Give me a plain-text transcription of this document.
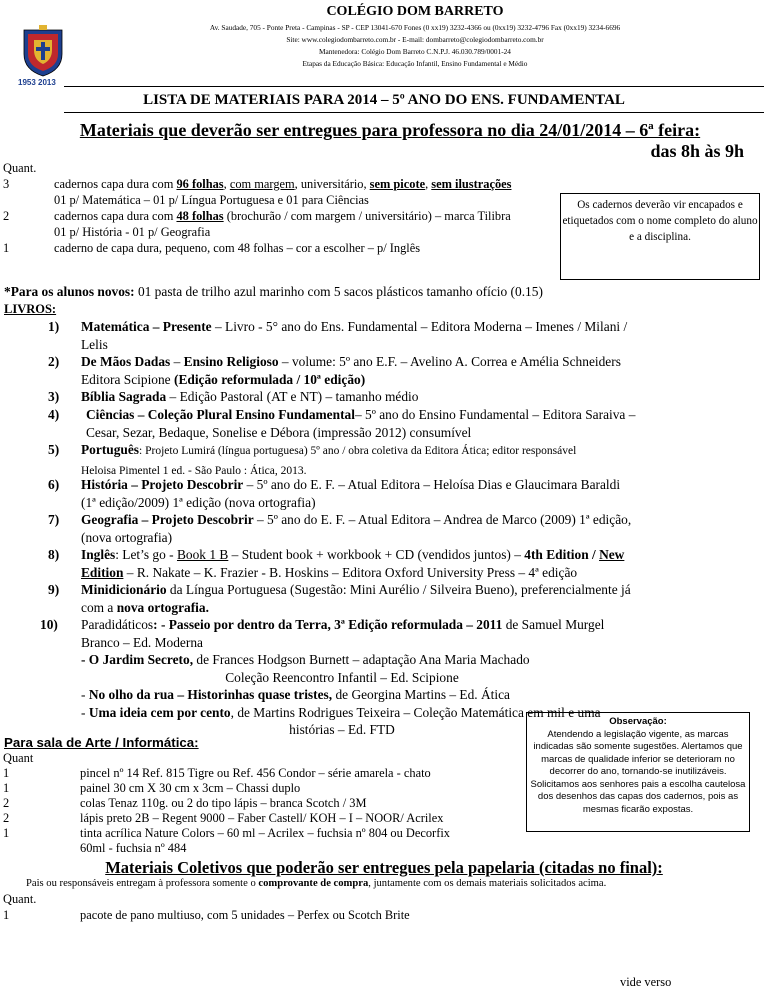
1953 2013
COLÉGIO DOM BARRETO
Av. Saudade, 705 - Ponte Preta - Campinas - SP - CEP 13041-670 Fones (0 xx19) 3232-4366 ou (0xx19) 3232-4796 Fax (0xx19) 3234-6696
Site: www.colegiodombarreto.com.br - E-mail: dombarreto@colegiodombarreto.com.br
Mantenedora: Colégio Dom Barreto C.N.P.J. 46.030.789/0001-24
Etapas da Educação Básica: Educação Infantil, Ensino Fundamental e Médio
LISTA DE MATERIAIS PARA 2014 – 5º ANO DO ENS. FUNDAMENTAL
Materiais que deverão ser entregues para professora no dia 24/01/2014 – 6ª feira:
das 8h às 9h
Quant.
3	cadernos capa dura com 96 folhas, com margem, universitário, sem picote, sem ilustrações
01 p/ Matemática – 01 p/ Língua Portuguesa e 01 para Ciências
2	cadernos capa dura com 48 folhas (brochurão / com margem / universitário) – marca Tilibra
01 p/ História - 01 p/ Geografia
1	caderno de capa dura, pequeno, com 48 folhas – cor a escolher – p/ Inglês
Os cadernos deverão vir encapados e etiquetados com o nome completo do aluno e a disciplina.
*Para os alunos novos: 01 pasta de trilho azul marinho com 5 sacos plásticos tamanho ofício (0.15)
LIVROS:
1) Matemática – Presente – Livro - 5° ano do Ens. Fundamental – Editora Moderna – Imenes / Milani /
Lelis
2) De Mãos Dadas – Ensino Religioso – volume: 5º ano E.F. – Avelino A. Correa e Amélia Schneiders
Editora Scipione (Edição reformulada / 10ª edição)
3) Bíblia Sagrada – Edição Pastoral (AT e NT) – tamanho médio
4) Ciências – Coleção Plural Ensino Fundamental– 5º ano do Ensino Fundamental – Editora Saraiva –
Cesar, Sezar, Bedaque, Sonelise e Débora (impressão 2012) consumível
5) Português: Projeto Lumirá (língua portuguesa) 5º ano / obra coletiva da Editora Ática; editor responsável
Heloisa Pimentel 1 ed. - São Paulo : Ática, 2013.
6) História – Projeto Descobrir – 5º ano do E. F. – Atual Editora – Heloísa Dias e Glaucimara Baraldi
(1ª edição/2009) 1ª edição (nova ortografia)
7) Geografia – Projeto Descobrir – 5º ano do E. F. – Atual Editora – Andrea de Marco (2009) 1ª edição,
(nova ortografia)
8) Inglês: Let’s go - Book 1 B – Student book + workbook + CD (vendidos juntos) – 4th Edition / New
Edition – R. Nakate – K. Frazier - B. Hoskins – Editora Oxford University Press – 4ª edição
9) Minidicionário da Língua Portuguesa (Sugestão: Mini Aurélio / Silveira Bueno), preferencialmente já
com a nova ortografia.
10) Paradidáticos: - Passeio por dentro da Terra, 3ª Edição reformulada – 2011 de Samuel Murgel
Branco – Ed. Moderna
- O Jardim Secreto, de Frances Hodgson Burnett – adaptação Ana Maria Machado

Coleção Reencontro Infantil – Ed. Scipione
- No olho da rua – Historinhas quase tristes, de Georgina Martins – Ed. Ática
- Uma ideia cem por cento, de Martins Rodrigues Teixeira – Coleção Matemática em mil e uma

histórias – Ed. FTD
Para sala de Arte / Informática:
Observação:
Atendendo a legislação vigente, as marcas indicadas são somente sugestões. Alertamos que marcas de qualidade inferior se deterioram no decorrer do ano, tornando-se inutilizáveis. Solicitamos aos senhores pais a escolha cautelosa dos desenhos das capas dos cadernos, pois as mesmas ficarão expostas.
Quant
1	pincel nº 14 Ref. 815 Tigre ou Ref. 456 Condor – série amarela - chato
1	painel 30 cm X 30 cm x 3cm – Chassi duplo
2	colas Tenaz 110g. ou 2 do tipo lápis – branca Scotch / 3M
2	lápis preto 2B – Regent 9000 – Faber Castell/ KOH – I – NOOR/ Acrilex
1	tinta acrílica Nature Colors – 60 ml – Acrilex – fuchsia nº 804 ou Decorfix
60ml - fuchsia nº 484
Materiais Coletivos que poderão ser entregues pela papelaria (citadas no final):
Pais ou responsáveis entregam à professora somente o comprovante de compra, juntamente com os demais materiais solicitados acima.
Quant.
1	pacote de pano multiuso, com 5 unidades – Perfex ou Scotch Brite
vide verso
